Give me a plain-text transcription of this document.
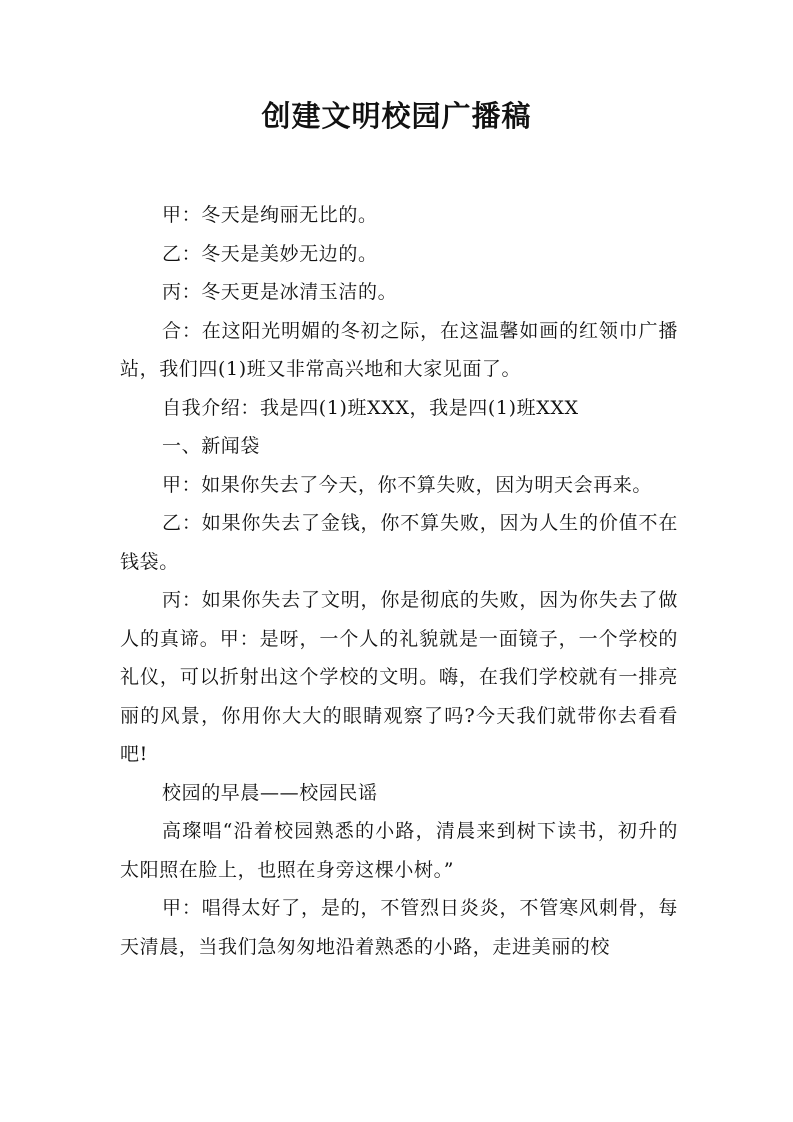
创建文明校园广播稿

甲：冬天是绚丽无比的。

乙：冬天是美妙无边的。

丙：冬天更是冰清玉洁的。

合：在这阳光明媚的冬初之际，在这温馨如画的红领巾广播站，我们四(1)班又非常高兴地和大家见面了。

自我介绍：我是四(1)班XXX，我是四(1)班XXX

一、新闻袋

甲：如果你失去了今天，你不算失败，因为明天会再来。

乙：如果你失去了金钱，你不算失败，因为人生的价值不在钱袋。

丙：如果你失去了文明，你是彻底的失败，因为你失去了做人的真谛。甲：是呀，一个人的礼貌就是一面镜子，一个学校的礼仪，可以折射出这个学校的文明。嗨，在我们学校就有一排亮丽的风景，你用你大大的眼睛观察了吗?今天我们就带你去看看吧!

校园的早晨——校园民谣

高璨唱“沿着校园熟悉的小路，清晨来到树下读书，初升的太阳照在脸上，也照在身旁这棵小树。”

甲：唱得太好了，是的，不管烈日炎炎，不管寒风刺骨，每天清晨，当我们急匆匆地沿着熟悉的小路，走进美丽的校
